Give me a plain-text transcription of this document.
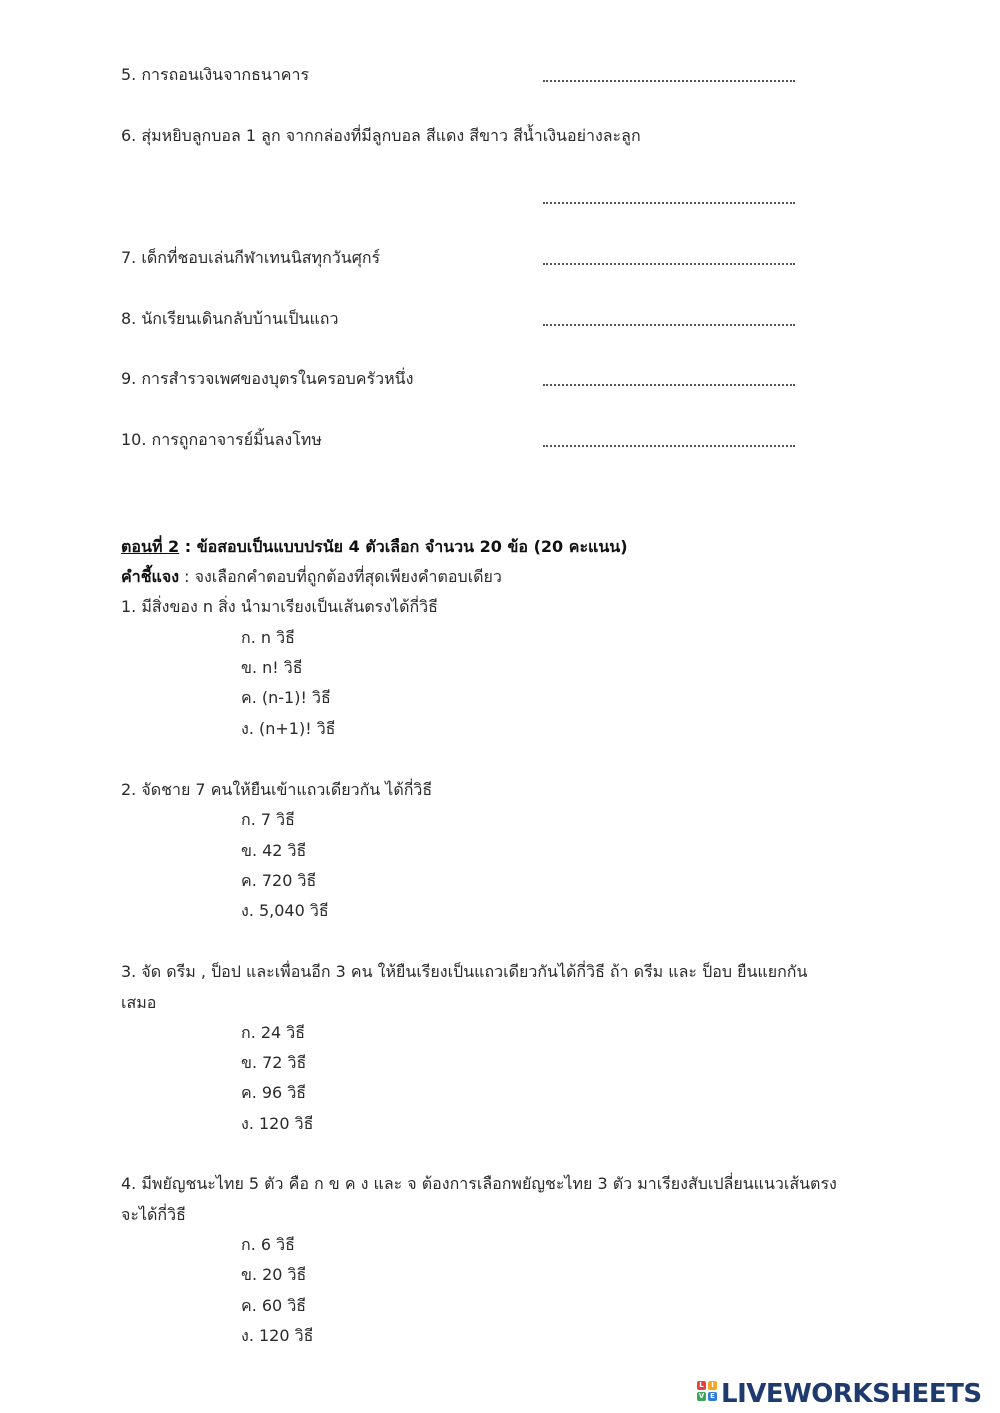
5. การถอนเงินจากธนาคาร
6. สุ่มหยิบลูกบอล 1 ลูก จากกล่องที่มีลูกบอล สีแดง สีขาว สีน้ำเงินอย่างละลูก
7. เด็กที่ชอบเล่นกีฬาเทนนิสทุกวันศุกร์
8. นักเรียนเดินกลับบ้านเป็นแถว
9. การสำรวจเพศของบุตรในครอบครัวหนึ่ง
10. การถูกอาจารย์มิ้นลงโทษ
ตอนที่ 2 : ข้อสอบเป็นแบบปรนัย 4 ตัวเลือก จำนวน 20 ข้อ (20 คะแนน)
คำชี้แจง : จงเลือกคำตอบที่ถูกต้องที่สุดเพียงคำตอบเดียว
1. มีสิ่งของ n สิ่ง นำมาเรียงเป็นเส้นตรงได้กี่วิธี
ก. n วิธี
ข. n! วิธี
ค. (n-1)! วิธี
ง. (n+1)! วิธี
2. จัดชาย 7 คนให้ยืนเข้าแถวเดียวกัน ได้กี่วิธี
ก. 7 วิธี
ข. 42 วิธี
ค. 720 วิธี
ง. 5,040 วิธี
3. จัด ดรีม , ป็อป และเพื่อนอีก 3 คน ให้ยืนเรียงเป็นแถวเดียวกันได้กี่วิธี ถ้า ดรีม และ ป็อบ ยืนแยกกัน
เสมอ
ก. 24 วิธี
ข. 72 วิธี
ค. 96 วิธี
ง. 120 วิธี
4. มีพยัญชนะไทย 5 ตัว คือ ก ข ค ง และ จ ต้องการเลือกพยัญชะไทย 3 ตัว มาเรียงสับเปลี่ยนแนวเส้นตรง
จะได้กี่วิธี
ก. 6 วิธี
ข. 20 วิธี
ค. 60 วิธี
ง. 120 วิธี
L	I
V E LIVEWORKSHEETS
